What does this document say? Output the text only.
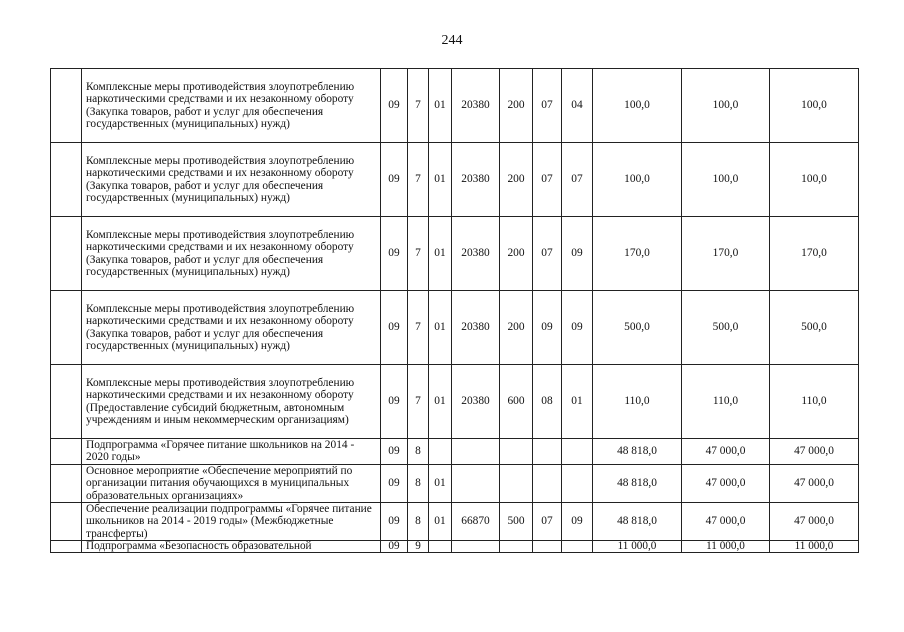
244
	Комплексные меры противодействия злоупотреблению наркотическими средствами и их незаконному обороту (Закупка товаров, работ и услуг для обеспечения государственных (муниципальных) нужд)	09	7	01	20380	200	07	04	100,0	100,0	100,0
	Комплексные меры противодействия злоупотреблению наркотическими средствами и их незаконному обороту (Закупка товаров, работ и услуг для обеспечения государственных (муниципальных) нужд)	09	7	01	20380	200	07	07	100,0	100,0	100,0
	Комплексные меры противодействия злоупотреблению наркотическими средствами и их незаконному обороту (Закупка товаров, работ и услуг для обеспечения государственных (муниципальных) нужд)	09	7	01	20380	200	07	09	170,0	170,0	170,0
	Комплексные меры противодействия злоупотреблению наркотическими средствами и их незаконному обороту (Закупка товаров, работ и услуг для обеспечения государственных (муниципальных) нужд)	09	7	01	20380	200	09	09	500,0	500,0	500,0
	Комплексные меры противодействия злоупотреблению наркотическими средствами и их незаконному обороту (Предоставление субсидий бюджетным, автономным учреждениям и иным некоммерческим организациям)	09	7	01	20380	600	08	01	110,0	110,0	110,0
	Подпрограмма «Горячее питание школьников на 2014 - 2020 годы»	09	8						48 818,0	47 000,0	47 000,0
	Основное мероприятие «Обеспечение мероприятий по организации питания обучающихся в муниципальных образовательных организациях»	09	8	01					48 818,0	47 000,0	47 000,0
	Обеспечение реализации подпрограммы «Горячее питание школьников на 2014 - 2019 годы» (Межбюджетные трансферты)	09	8	01	66870	500	07	09	48 818,0	47 000,0	47 000,0
	Подпрограмма «Безопасность образовательной	09	9						11 000,0	11 000,0	11 000,0
